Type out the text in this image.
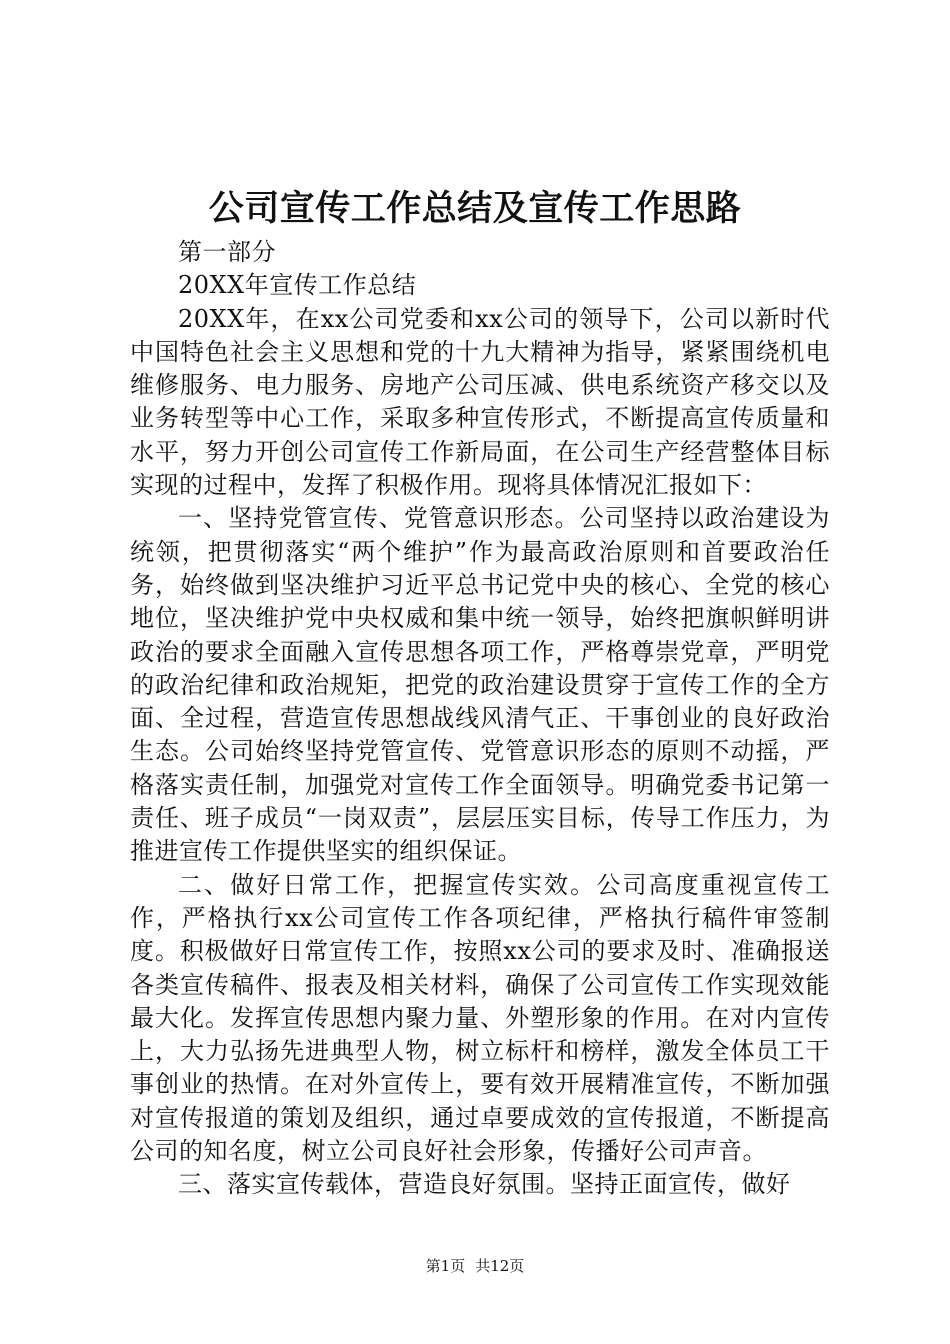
公司宣传工作总结及宣传工作思路

第一部分

20XX年宣传工作总结

20XX年，在xx公司党委和xx公司的领导下，公司以新时代中国特色社会主义思想和党的十九大精神为指导，紧紧围绕机电维修服务、电力服务、房地产公司压减、供电系统资产移交以及业务转型等中心工作，采取多种宣传形式，不断提高宣传质量和水平，努力开创公司宣传工作新局面，在公司生产经营整体目标实现的过程中，发挥了积极作用。现将具体情况汇报如下：

一、坚持党管宣传、党管意识形态。公司坚持以政治建设为统领，把贯彻落实“两个维护”作为最高政治原则和首要政治任务，始终做到坚决维护习近平总书记党中央的核心、全党的核心地位，坚决维护党中央权威和集中统一领导，始终把旗帜鲜明讲政治的要求全面融入宣传思想各项工作，严格尊崇党章，严明党的政治纪律和政治规矩，把党的政治建设贯穿于宣传工作的全方面、全过程，营造宣传思想战线风清气正、干事创业的良好政治生态。公司始终坚持党管宣传、党管意识形态的原则不动摇，严格落实责任制，加强党对宣传工作全面领导。明确党委书记第一责任、班子成员“一岗双责”，层层压实目标，传导工作压力，为推进宣传工作提供坚实的组织保证。

二、做好日常工作，把握宣传实效。公司高度重视宣传工作，严格执行xx公司宣传工作各项纪律，严格执行稿件审签制度。积极做好日常宣传工作，按照xx公司的要求及时、准确报送各类宣传稿件、报表及相关材料，确保了公司宣传工作实现效能最大化。发挥宣传思想内聚力量、外塑形象的作用。在对内宣传上，大力弘扬先进典型人物，树立标杆和榜样，激发全体员工干事创业的热情。在对外宣传上，要有效开展精准宣传，不断加强对宣传报道的策划及组织，通过卓要成效的宣传报道，不断提高公司的知名度，树立公司良好社会形象，传播好公司声音。

三、落实宣传载体，营造良好氛围。坚持正面宣传，做好

第1页 共12页
